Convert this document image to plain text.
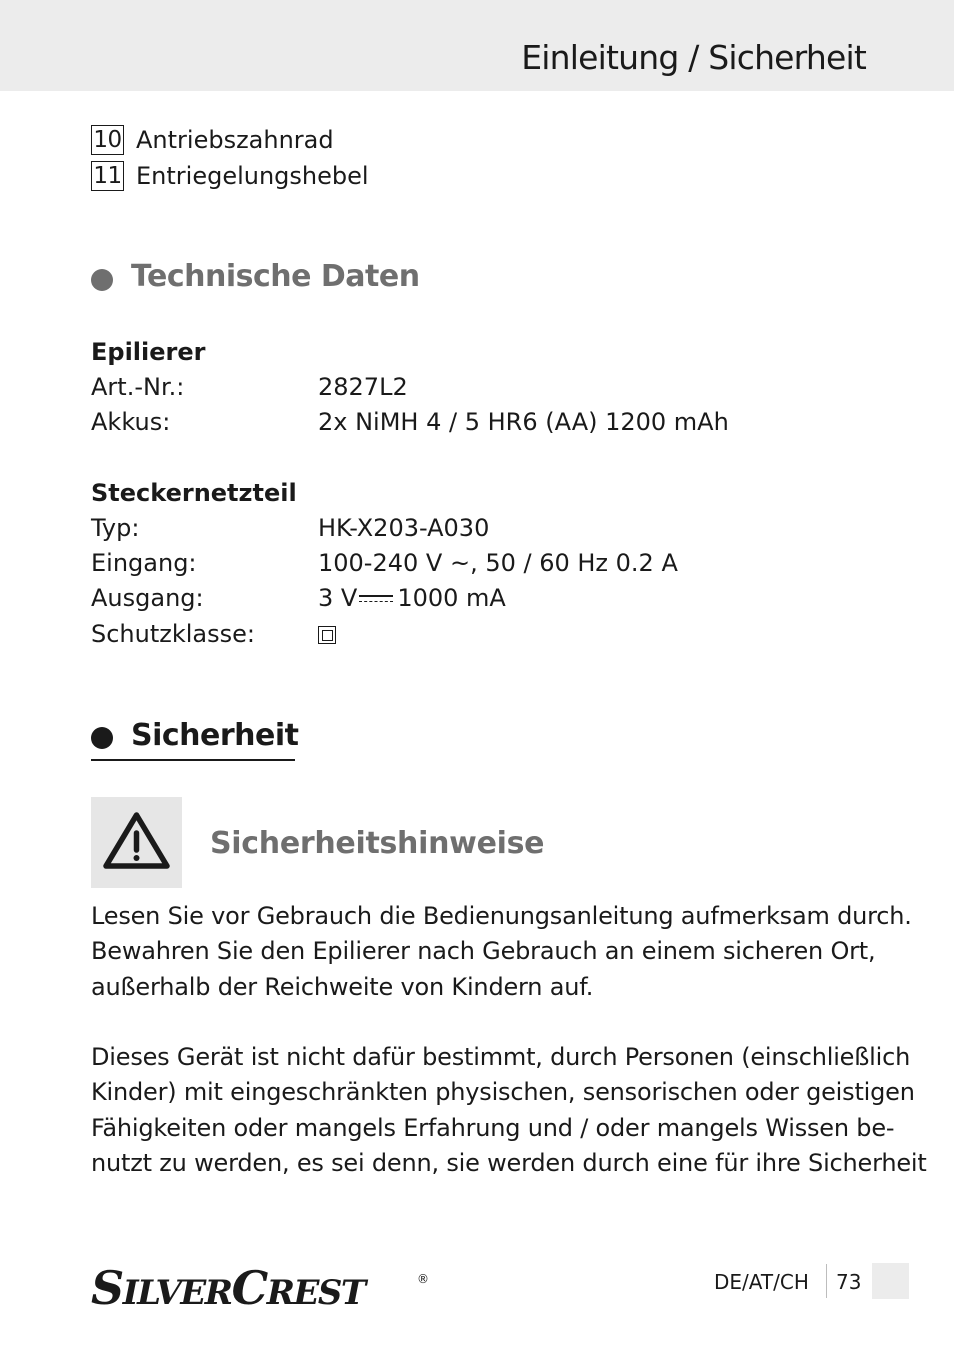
Einleitung / Sicherheit
10 Antriebszahnrad
11 Entriegelungshebel
Technische Daten
Epilierer
Art.-Nr.:	2827L2
Akkus:	2x NiMH 4 / 5 HR6 (AA) 1200 mAh
Steckernetzteil
Typ:	HK-X203-A030
Eingang:	100-240 V ~, 50 / 60 Hz 0.2 A
Ausgang:	3 V 1000 mA
Schutzklasse:
Sicherheit
Sicherheitshinweise
Lesen Sie vor Gebrauch die Bedienungsanleitung aufmerksam durch.
Bewahren Sie den Epilierer nach Gebrauch an einem sicheren Ort,
außerhalb der Reichweite von Kindern auf.
Dieses Gerät ist nicht dafür bestimmt, durch Personen (einschließlich
Kinder) mit eingeschränkten physischen, sensorischen oder geistigen
Fähigkeiten oder mangels Erfahrung und / oder mangels Wissen be-
nutzt zu werden, es sei denn, sie werden durch eine für ihre Sicherheit
SILVERCREST	®	DE/AT/CH 73
